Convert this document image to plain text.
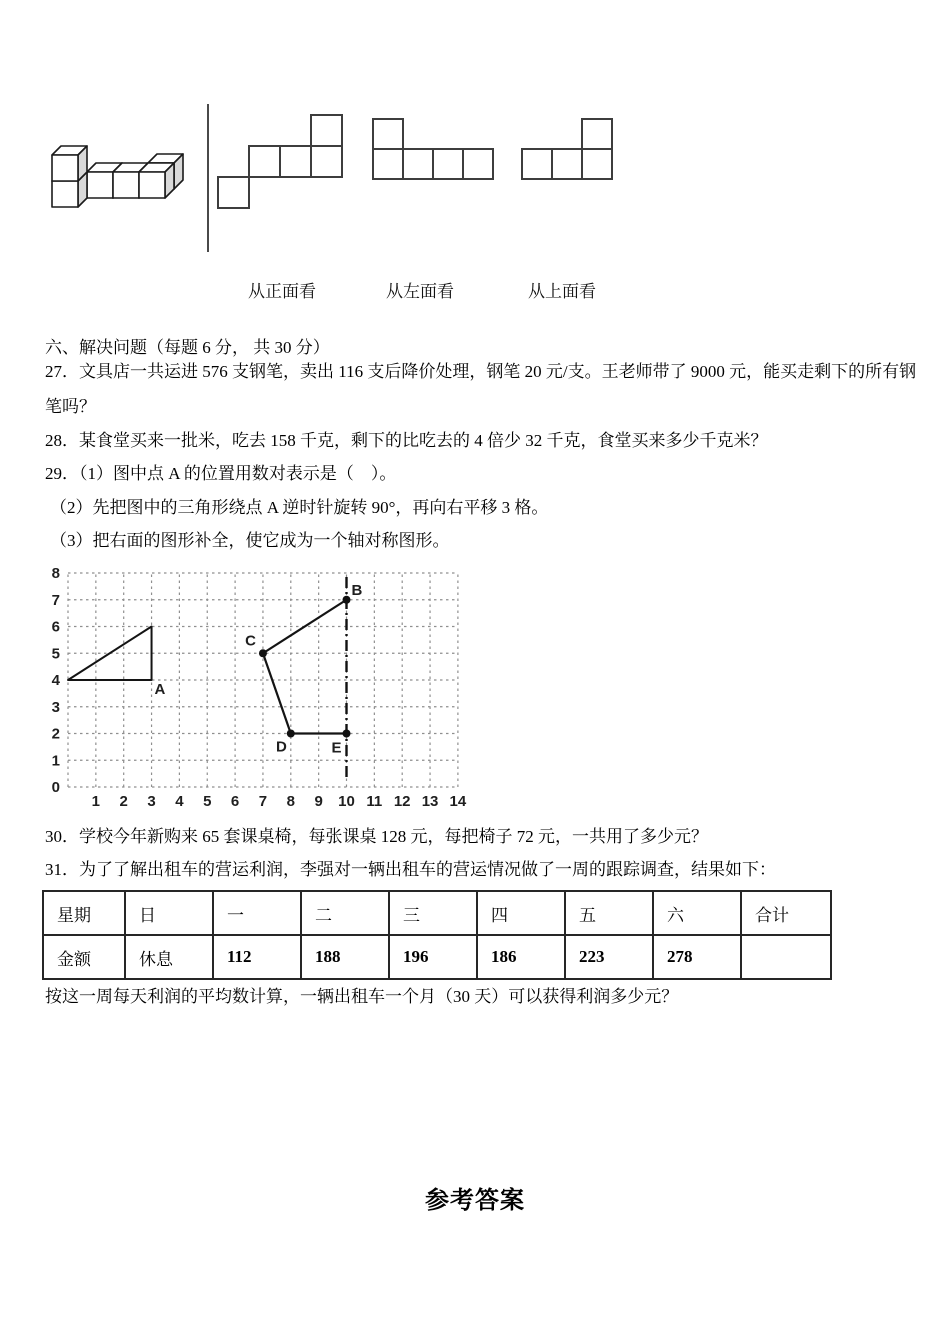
从正面看	从左面看	从上面看
六、解决问题（每题 6 分， 共 30 分）
27．文具店一共运进 576 支钢笔，卖出 116 支后降价处理，钢笔 20 元/支。王老师带了 9000 元，能买走剩下的所有钢
笔吗？
28．某食堂买来一批米，吃去 158 千克，剩下的比吃去的 4 倍少 32 千克，食堂买来多少千克米？
29．（1）图中点 A 的位置用数对表示是（　）。
（2）先把图中的三角形绕点 A 逆时针旋转 90°，再向右平移 3 格。
（3）把右面的图形补全，使它成为一个轴对称图形。
0
1
2
3
4
5
6
7
8
1 2 3 4 5 6 7 8 9 10 11 12 13 14
A
B
C
D	E
30．学校今年新购来 65 套课桌椅，每张课桌 128 元，每把椅子 72 元，一共用了多少元？
31．为了了解出租车的营运利润，李强对一辆出租车的营运情况做了一周的跟踪调查，结果如下：
星期	日	一	二	三	四	五	六	合计
金额	休息	112	188	196	186	223	278	
按这一周每天利润的平均数计算，一辆出租车一个月（30 天）可以获得利润多少元？
参考答案
